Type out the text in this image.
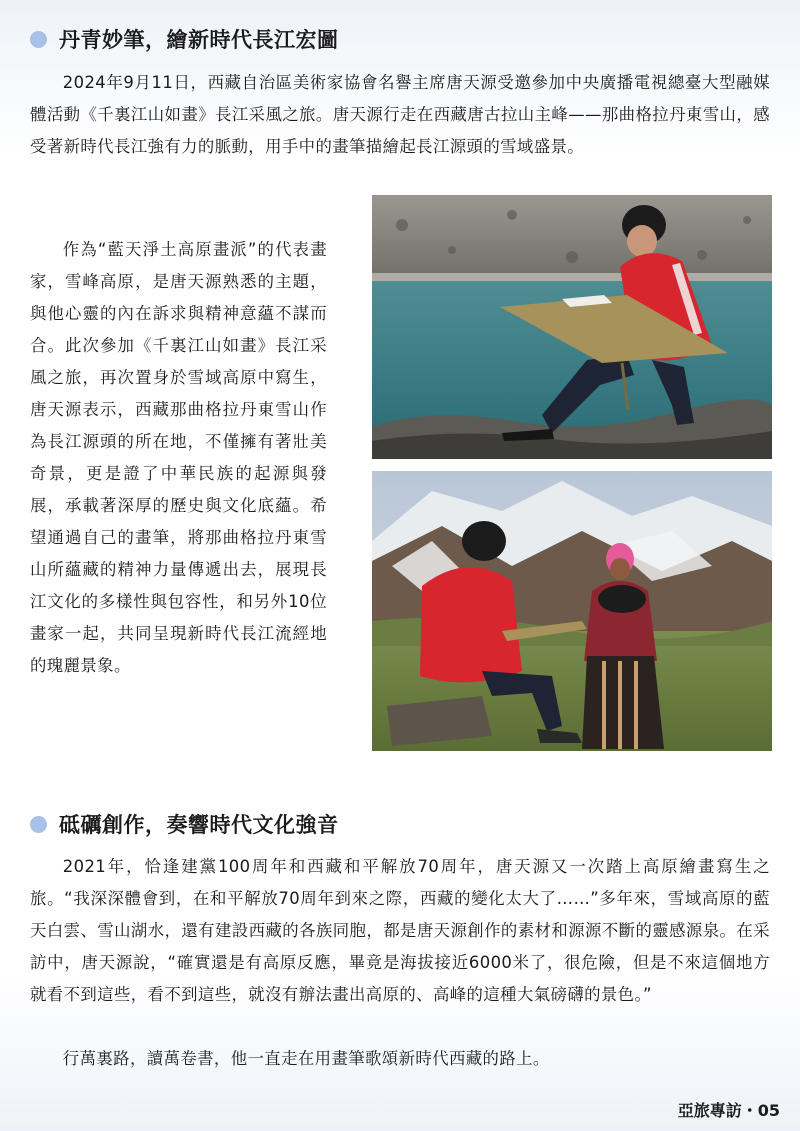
丹青妙筆，繪新時代長江宏圖

2024年9月11日，西藏自治區美術家協會名譽主席唐天源受邀參加中央廣播電視總臺大型融媒體活動《千裏江山如畫》長江采風之旅。唐天源行走在西藏唐古拉山主峰——那曲格拉丹東雪山，感受著新時代長江強有力的脈動，用手中的畫筆描繪起長江源頭的雪域盛景。

作為“藍天淨土高原畫派”的代表畫家，雪峰高原，是唐天源熟悉的主題，與他心靈的內在訴求與精神意蘊不謀而合。此次參加《千裏江山如畫》長江采風之旅，再次置身於雪域高原中寫生，唐天源表示，西藏那曲格拉丹東雪山作為長江源頭的所在地，不僅擁有著壯美奇景，更是證了中華民族的起源與發展，承載著深厚的歷史與文化底蘊。希望通過自己的畫筆，將那曲格拉丹東雪山所蘊藏的精神力量傳遞出去，展現長江文化的多樣性與包容性，和另外10位畫家一起，共同呈現新時代長江流經地的瑰麗景象。

砥礪創作，奏響時代文化強音

2021年，恰逢建黨100周年和西藏和平解放70周年，唐天源又一次踏上高原繪畫寫生之旅。“我深深體會到，在和平解放70周年到來之際，西藏的變化太大了……”多年來，雪域高原的藍天白雲、雪山湖水，還有建設西藏的各族同胞，都是唐天源創作的素材和源源不斷的靈感源泉。在采訪中，唐天源說，“確實還是有高原反應，畢竟是海拔接近6000米了，很危險，但是不來這個地方就看不到這些，看不到這些，就沒有辦法畫出高原的、高峰的這種大氣磅礴的景色。”

行萬裏路，讀萬卷書，他一直走在用畫筆歌頌新時代西藏的路上。

亞旅專訪・05
